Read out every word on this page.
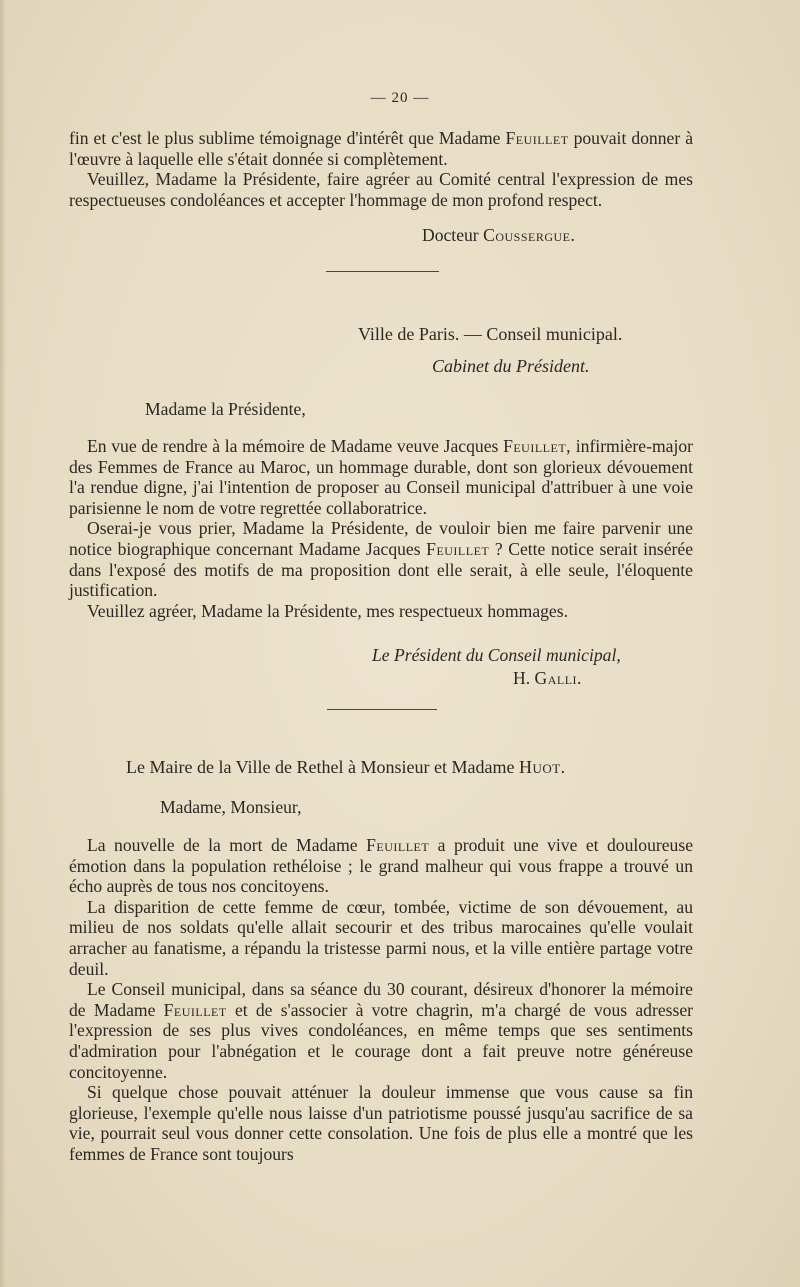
— 20 —

fin et c'est le plus sublime témoignage d'intérêt que Madame Feuillet pouvait donner à l'œuvre à laquelle elle s'était donnée si complètement.

Veuillez, Madame la Présidente, faire agréer au Comité central l'expression de mes respectueuses condoléances et accepter l'hommage de mon profond respect.

Docteur Coussergue.
Ville de Paris. — Conseil municipal.
Cabinet du Président.
Madame la Présidente,

En vue de rendre à la mémoire de Madame veuve Jacques Feuillet, infirmière-major des Femmes de France au Maroc, un hommage durable, dont son glorieux dévouement l'a rendue digne, j'ai l'intention de proposer au Conseil municipal d'attribuer à une voie parisienne le nom de votre regrettée collaboratrice.

Oserai-je vous prier, Madame la Présidente, de vouloir bien me faire parvenir une notice biographique concernant Madame Jacques Feuillet ? Cette notice serait insérée dans l'exposé des motifs de ma proposition dont elle serait, à elle seule, l'éloquente justification.

Veuillez agréer, Madame la Présidente, mes respectueux hommages.

Le Président du Conseil municipal,
H. Galli.
Le Maire de la Ville de Rethel à Monsieur et Madame Huot.
Madame, Monsieur,

La nouvelle de la mort de Madame Feuillet a produit une vive et douloureuse émotion dans la population rethéloise ; le grand malheur qui vous frappe a trouvé un écho auprès de tous nos concitoyens.

La disparition de cette femme de cœur, tombée, victime de son dévouement, au milieu de nos soldats qu'elle allait secourir et des tribus marocaines qu'elle voulait arracher au fanatisme, a répandu la tristesse parmi nous, et la ville entière partage votre deuil.

Le Conseil municipal, dans sa séance du 30 courant, désireux d'honorer la mémoire de Madame Feuillet et de s'associer à votre chagrin, m'a chargé de vous adresser l'expression de ses plus vives condoléances, en même temps que ses sentiments d'admiration pour l'abnégation et le courage dont a fait preuve notre généreuse concitoyenne.

Si quelque chose pouvait atténuer la douleur immense que vous cause sa fin glorieuse, l'exemple qu'elle nous laisse d'un patriotisme poussé jusqu'au sacrifice de sa vie, pourrait seul vous donner cette consolation. Une fois de plus elle a montré que les femmes de France sont toujours
